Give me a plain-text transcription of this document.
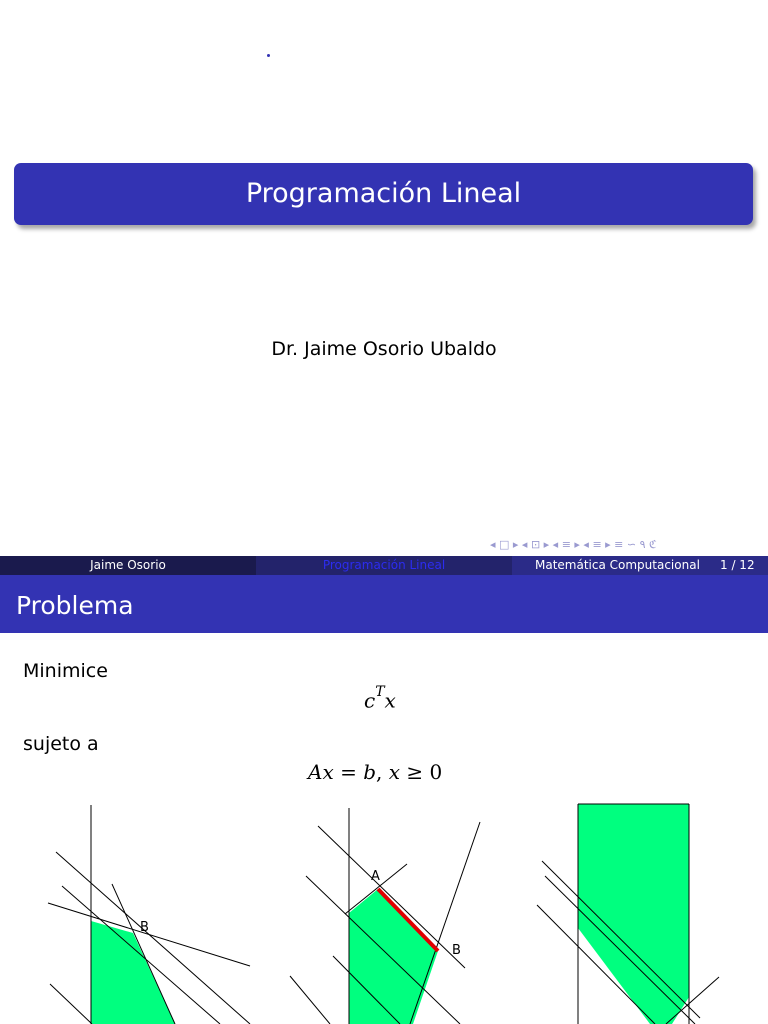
Programación Lineal
Dr. Jaime Osorio Ubaldo
◂ □ ▸ ◂ ⊡ ▸ ◂ ≡ ▸ ◂ ≡ ▸ ≡ ∽ ۹ ℭ
Jaime Osorio	Programación Lineal	Matemática Computacional 1 / 12
Problema
Minimice
$c^Tx$
sujeto a
Ax = b, x ≥ 0
B
A
B
